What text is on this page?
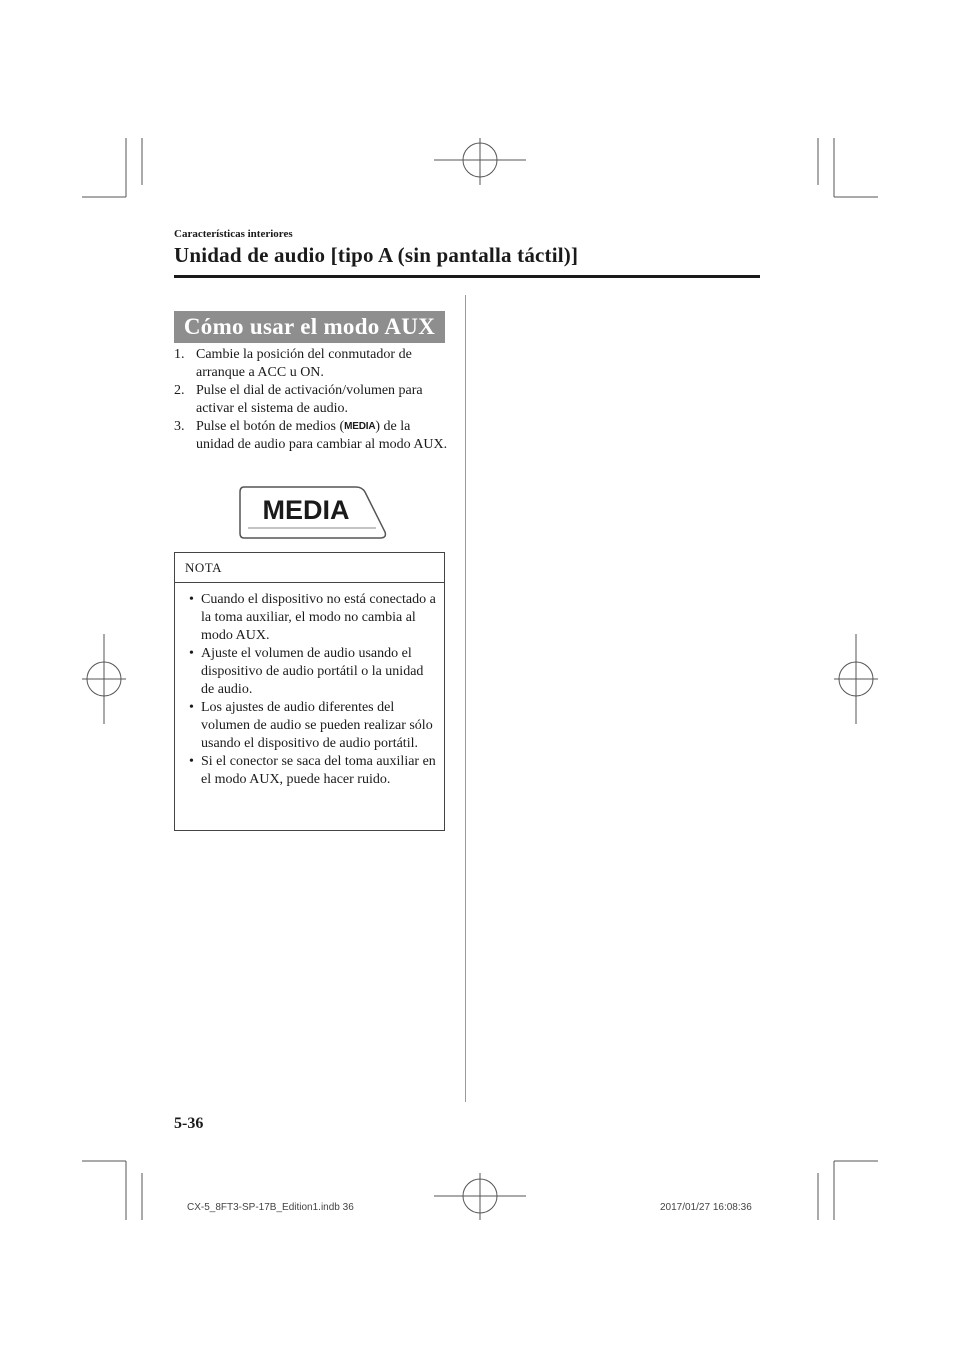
Características interiores
Unidad de audio [tipo A (sin pantalla táctil)]
Cómo usar el modo AUX
1. Cambie la posición del conmutador de arranque a ACC u ON.
2. Pulse el dial de activación/volumen para activar el sistema de audio.
3. Pulse el botón de medios (MEDIA) de la unidad de audio para cambiar al modo AUX.
MEDIA
NOTA
• Cuando el dispositivo no está conectado a la toma auxiliar, el modo no cambia al modo AUX.
• Ajuste el volumen de audio usando el dispositivo de audio portátil o la unidad de audio.
• Los ajustes de audio diferentes del volumen de audio se pueden realizar sólo usando el dispositivo de audio portátil.
• Si el conector se saca del toma auxiliar en el modo AUX, puede hacer ruido.
5-36
CX-5_8FT3-SP-17B_Edition1.indb 36	2017/01/27 16:08:36
